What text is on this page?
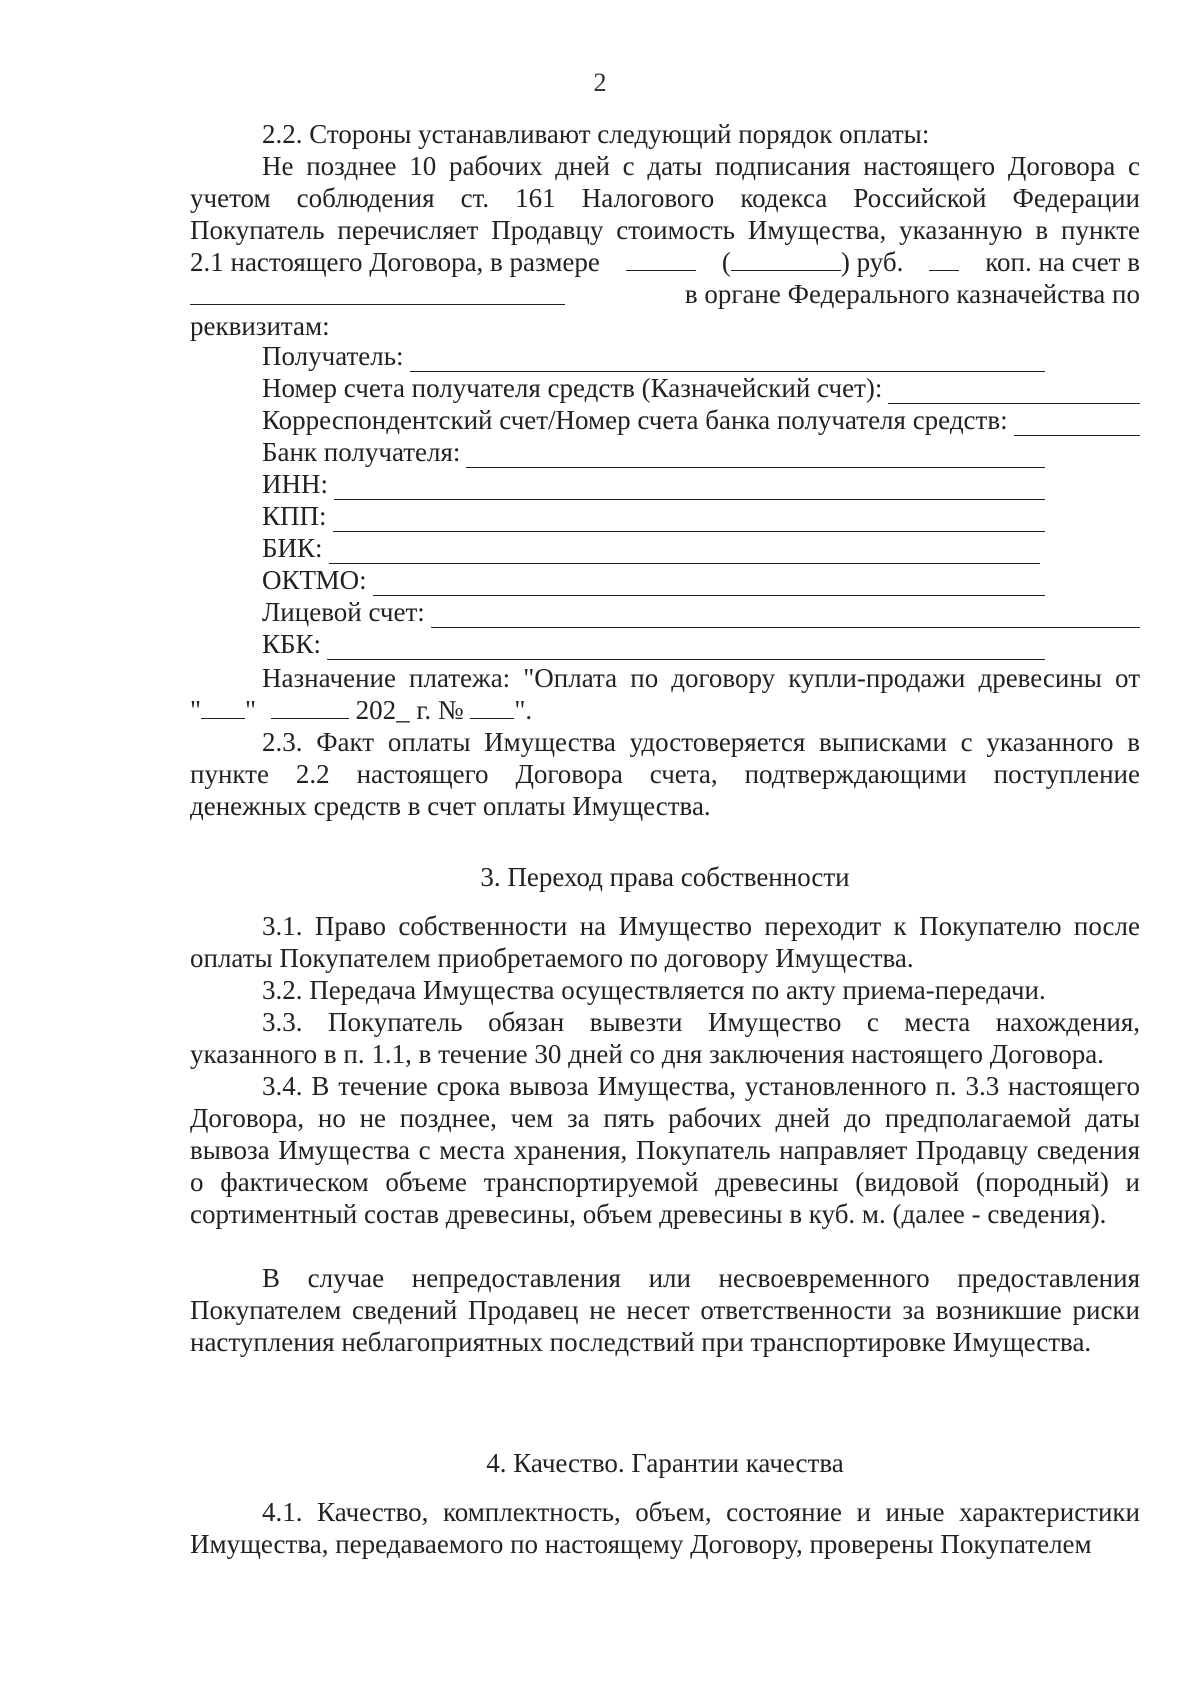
2
2.2. Стороны устанавливают следующий порядок оплаты:
Не позднее 10 рабочих дней с даты подписания настоящего Договора с
учетом соблюдения ст. 161 Налогового кодекса Российской Федерации
Покупатель перечисляет Продавцу стоимость Имущества, указанную в пункте
2.1 настоящего Договора, в размере	(	) руб.	коп. на счет в
в органе Федерального казначейства по
реквизитам:
Получатель:
Номер счета получателя средств (Казначейский счет):
Корреспондентский счет/Номер счета банка получателя средств:
Банк получателя:
ИНН:
КПП:
БИК:
ОКТМО:
Лицевой счет:
КБК:
Назначение платежа: "Оплата по договору купли-продажи древесины от
" "	202_ г. № ".
2.3. Факт оплаты Имущества удостоверяется выписками с указанного в пункте 2.2 настоящего Договора счета, подтверждающими поступление денежных средств в счет оплаты Имущества.
3. Переход права собственности
3.1. Право собственности на Имущество переходит к Покупателю после оплаты Покупателем приобретаемого по договору Имущества.
3.2. Передача Имущества осуществляется по акту приема-передачи.
3.3. Покупатель обязан вывезти Имущество с места нахождения, указанного в п. 1.1, в течение 30 дней со дня заключения настоящего Договора.
3.4. В течение срока вывоза Имущества, установленного п. 3.3 настоящего Договора, но не позднее, чем за пять рабочих дней до предполагаемой даты вывоза Имущества с места хранения, Покупатель направляет Продавцу сведения о фактическом объеме транспортируемой древесины (видовой (породный) и сортиментный состав древесины, объем древесины в куб. м. (далее - сведения).
В случае непредоставления или несвоевременного предоставления Покупателем сведений Продавец не несет ответственности за возникшие риски наступления неблагоприятных последствий при транспортировке Имущества.
4. Качество. Гарантии качества
4.1. Качество, комплектность, объем, состояние и иные характеристики Имущества, передаваемого по настоящему Договору, проверены Покупателем
